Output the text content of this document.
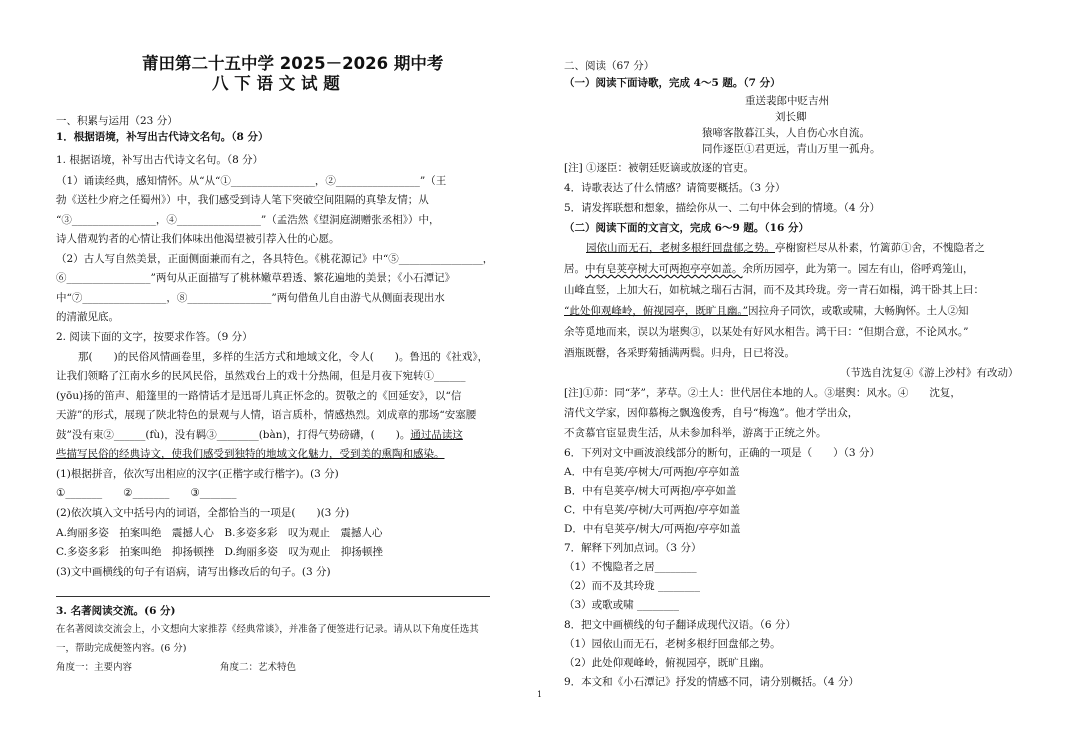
莆田第二十五中学 2025－2026 期中考
八 下 语 文 试 题
一、积累与运用（23 分）
1．根据语境，补写出古代诗文名句。（8 分）
1. 根据语境，补写出古代诗文名句。（8 分）
（1）诵读经典，感知情怀。从“从“①________________，②________________”（王
勃《送杜少府之任蜀州》）中，我们感受到诗人笔下突破空间阻隔的真挚友情；从
“③________________，④________________”（孟浩然《望洞庭湖赠张丞相》）中，
诗人借观钓者的心情让我们体味出他渴望被引荐入仕的心愿。
（2）古人写自然美景，正面侧面兼而有之，各具特色。《桃花源记》中“⑤________________，
⑥________________”两句从正面描写了桃林嫩草碧透、繁花遍地的美景；《小石潭记》
中“⑦________________，⑧________________”两句借鱼儿自由游弋从侧面表现出水
的清澈见底。
2. 阅读下面的文字，按要求作答。（9 分）
那(　　)的民俗风情画卷里，多样的生活方式和地域文化，令人(　　)。鲁迅的《社戏》，
让我们领略了江南水乡的民风民俗，虽然戏台上的戏十分热闹，但是月夜下宛转①______
(yōu)扬的笛声、船篷里的一路情话才是迅哥儿真正怀念的。贺敬之的《回延安》，以“信
天游”的形式，展现了陕北特色的景观与人情，语言质朴，情感热烈。刘成章的那场“安塞腰
鼓”没有束②______(fù)，没有羁③________(bàn)，打得气势磅礴，(　　)。通过品读这
些描写民俗的经典诗文，使我们感受到独特的地域文化魅力，受到美的熏陶和感染。
(1)根据拼音，依次写出相应的汉字(正楷字或行楷字)。(3 分)
①_______　　②_______　　③_______
(2)依次填入文中括号内的词语，全都恰当的一项是(　　)(3 分)
A.绚丽多姿　拍案叫绝　震撼人心　B.多姿多彩　叹为观止　震撼人心
C.多姿多彩　拍案叫绝　抑扬顿挫　D.绚丽多姿　叹为观止　抑扬顿挫
(3)文中画横线的句子有语病，请写出修改后的句子。(3 分)
3. 名著阅读交流。(6 分)
在名著阅读交流会上，小文想向大家推荐《经典常谈》，并准备了便签进行记录。请从以下角度任选其
一，帮助完成便签内容。(6 分)
角度一：主要内容	角度二：艺术特色
二、阅读（67 分）
（一）阅读下面诗歌，完成 4～5 题。（7 分）
重送裴郎中贬吉州
刘长卿
猿啼客散暮江头，人自伤心水自流。
同作逐臣①君更远，青山万里一孤舟。
[注] ①逐臣：被朝廷贬谪或放逐的官吏。
4．诗歌表达了什么情感？请简要概括。（3 分）
5．请发挥联想和想象，描绘你从一、二句中体会到的情境。（4 分）
（二）阅读下面的文言文，完成 6～9 题。（16 分）
园依山而无石，老树多根纡回盘郁之势。亭榭窗栏尽从朴素，竹篱茆①舍，不愧隐者之
居。中有皂荚亭树大可两抱亭亭如盖。余所历园亭，此为第一。园左有山，俗呼鸡笼山，
山峰直竖，上加大石，如杭城之瑞石古洞，而不及其玲珑。旁一青石如榻，鸿干卧其上曰：
“此处仰观峰岭，俯视园亭，既旷且幽。”因拉舟子同饮，或歌或啸，大畅胸怀。土人②知
余等觅地而来，误以为堪舆③，以某处有好风水相告。鸿干曰：“但期合意，不论风水。”
酒瓶既罄，各采野菊插满两鬓。归舟，日已将没。
（节选自沈复④《游上沙村》有改动）
[注]①茆：同“茅”，茅草。②土人：世代居住本地的人。③堪舆：风水。④　　沈复，
清代文学家，因仰慕梅之飘逸俊秀，自号“梅逸”。他才学出众，
不贪慕官宦显贵生活，从未参加科举，游离于正统之外。
6．下列对文中画波浪线部分的断句，正确的一项是（　　）（3 分）
A．中有皂荚/亭树大/可两抱/亭亭如盖
B．中有皂荚亭/树大可两抱/亭亭如盖
C．中有皂荚/亭树/大可两抱/亭亭如盖
D．中有皂荚亭/树大/可两抱/亭亭如盖
7．解释下列加点词。（3 分）
（1）不愧隐者之居________
（2）而不及其玲珑 ________
（3）或歌或啸 ________
8．把文中画横线的句子翻译成现代汉语。（6 分）
（1）园依山而无石，老树多根纡回盘郁之势。
（2）此处仰观峰岭，俯视园亭，既旷且幽。
9．本文和《小石潭记》抒发的情感不同，请分别概括。（4 分）
1
